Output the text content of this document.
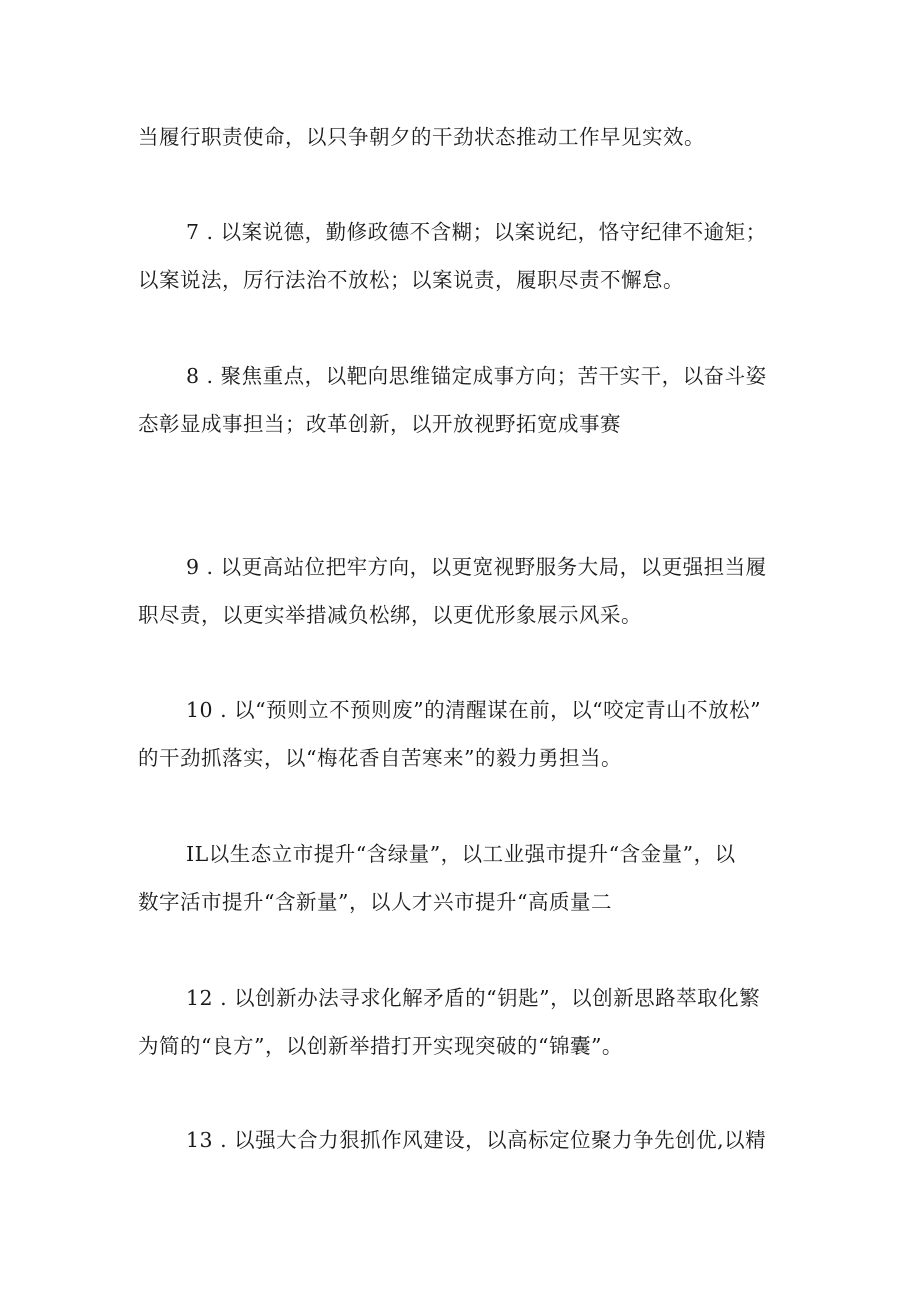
当履行职责使命，以只争朝夕的干劲状态推动工作早见实效。
7 . 以案说德，勤修政德不含糊；以案说纪，恪守纪律不逾矩；
以案说法，厉行法治不放松；以案说责，履职尽责不懈怠。
8 . 聚焦重点，以靶向思维锚定成事方向；苦干实干，以奋斗姿
态彰显成事担当；改革创新，以开放视野拓宽成事赛
9 . 以更高站位把牢方向，以更宽视野服务大局，以更强担当履
职尽责，以更实举措减负松绑，以更优形象展示风采。
10 . 以“预则立不预则废”的清醒谋在前，以“咬定青山不放松”
的干劲抓落实，以“梅花香自苦寒来”的毅力勇担当。
IL以生态立市提升“含绿量”，以工业强市提升“含金量”，以
数字活市提升“含新量”，以人才兴市提升“高质量二
12 . 以创新办法寻求化解矛盾的“钥匙”，以创新思路萃取化繁
为简的“良方”，以创新举措打开实现突破的“锦囊”。
13 . 以强大合力狠抓作风建设，以高标定位聚力争先创优,以精
